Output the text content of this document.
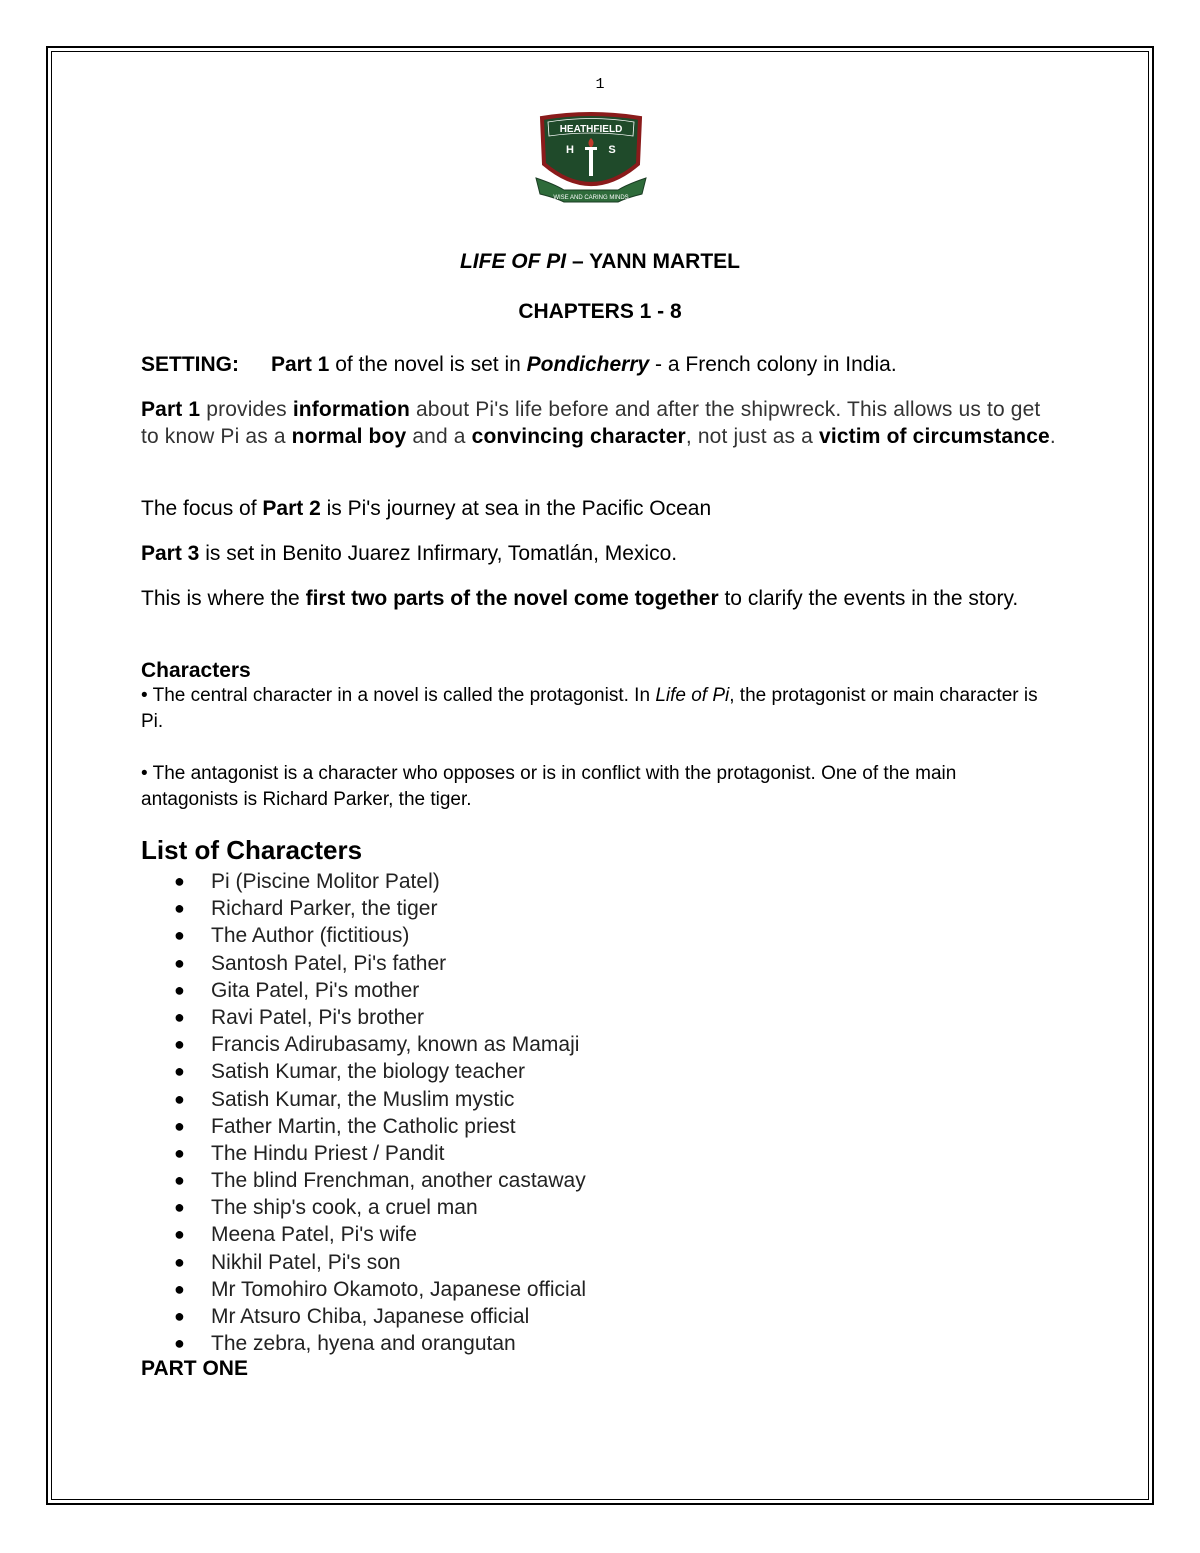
1
HEATHFIELD
H	S
WISE AND CARING MINDS
LIFE OF PI – YANN MARTEL
CHAPTERS 1 - 8
SETTING: Part 1 of the novel is set in Pondicherry - a French colony in India.
Part 1 provides information about Pi's life before and after the shipwreck. This allows us to get to know Pi as a normal boy and a convincing character, not just as a victim of circumstance.
The focus of Part 2 is Pi's journey at sea in the Pacific Ocean
Part 3 is set in Benito Juarez Infirmary, Tomatlán, Mexico.
This is where the first two parts of the novel come together to clarify the events in the story.
Characters
• The central character in a novel is called the protagonist. In Life of Pi, the protagonist or main character is Pi.
• The antagonist is a character who opposes or is in conflict with the protagonist. One of the main antagonists is Richard Parker, the tiger.
List of Characters
● Pi (Piscine Molitor Patel)
● Richard Parker, the tiger
● The Author (fictitious)
● Santosh Patel, Pi's father
● Gita Patel, Pi's mother
● Ravi Patel, Pi's brother
● Francis Adirubasamy, known as Mamaji
● Satish Kumar, the biology teacher
● Satish Kumar, the Muslim mystic
● Father Martin, the Catholic priest
● The Hindu Priest / Pandit
● The blind Frenchman, another castaway
● The ship's cook, a cruel man
● Meena Patel, Pi's wife
● Nikhil Patel, Pi's son
● Mr Tomohiro Okamoto, Japanese official
● Mr Atsuro Chiba, Japanese official
● The zebra, hyena and orangutan
PART ONE
